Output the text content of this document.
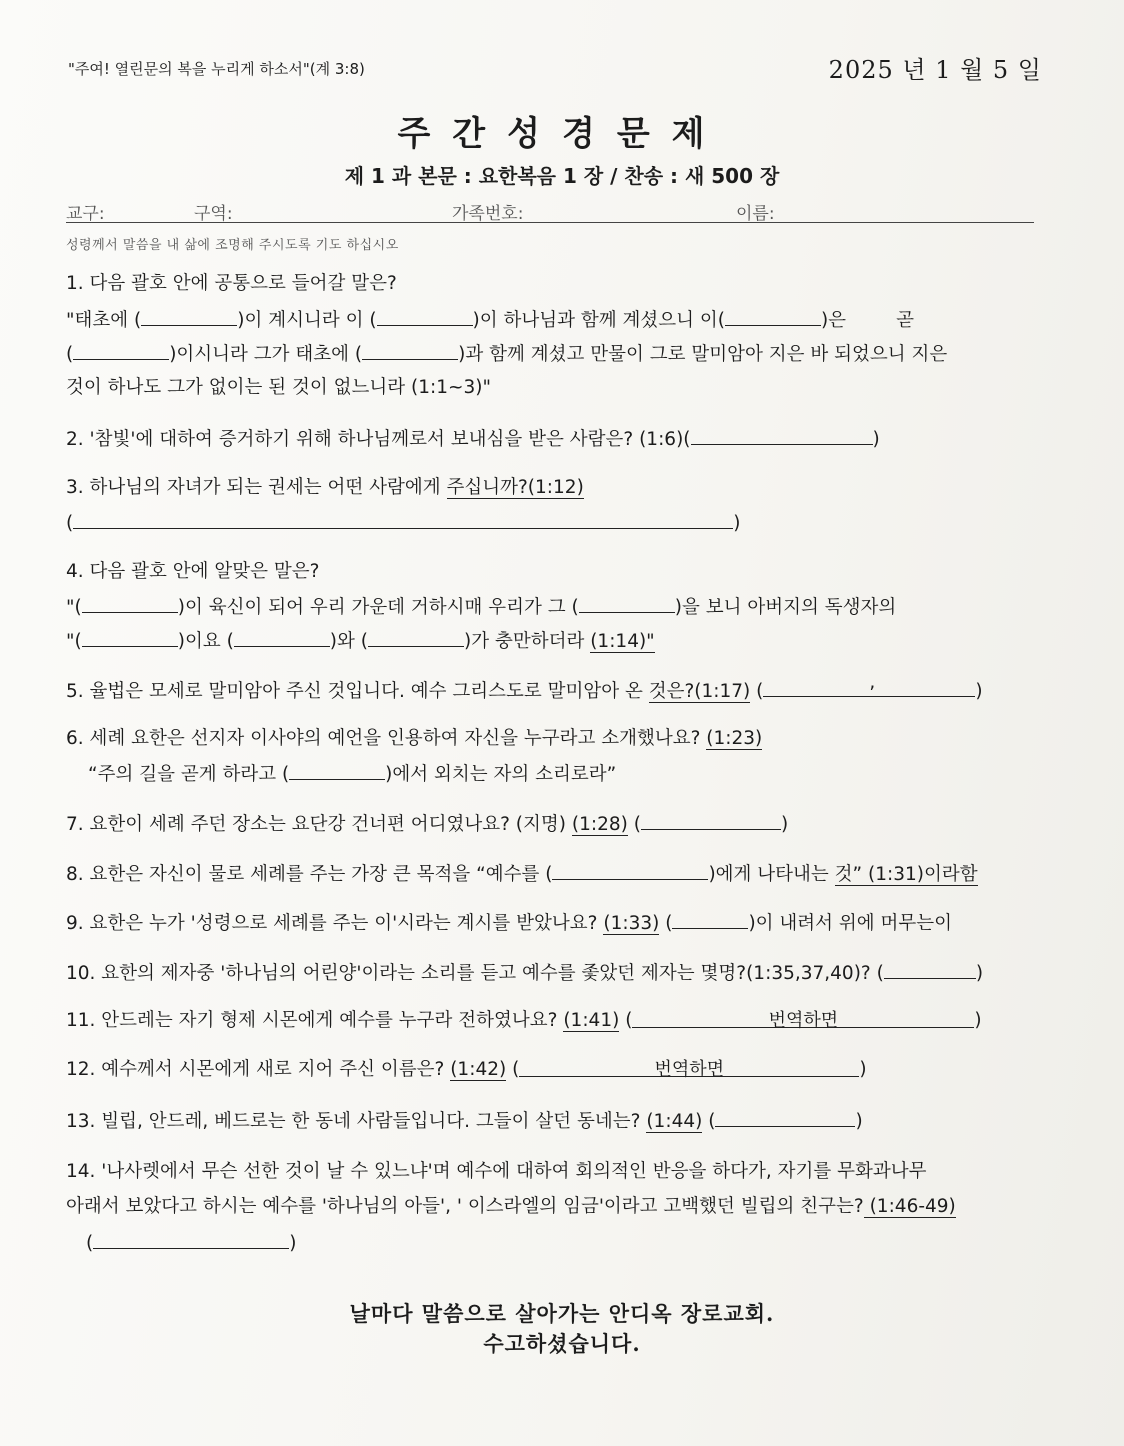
"주여! 열린문의 복을 누리게 하소서"(계 3:8)	2025 년 1 월 5 일
주간성경문제
제 1 과 본문 : 요한복음 1 장 / 찬송 : 새 500 장
교구:	구역:	가족번호:	이름:
성령께서 말씀을 내 삶에 조명해 주시도록 기도 하십시오
1. 다음 괄호 안에 공통으로 들어갈 말은?
"태초에 (	)이 계시니라 이 (	)이 하나님과 함께 계셨으니 이(	)은	곧
(	)이시니라 그가 태초에 (	)과 함께 계셨고 만물이 그로 말미암아 지은 바 되었으니 지은
것이 하나도 그가 없이는 된 것이 없느니라 (1:1~3)"
2. '참빛'에 대하여 증거하기 위해 하나님께로서 보내심을 받은 사람은? (1:6)(	)
3. 하나님의 자녀가 되는 권세는 어떤 사람에게 주십니까?(1:12)
(	)
4. 다음 괄호 안에 알맞은 말은?
"(	)이 육신이 되어 우리 가운데 거하시매 우리가 그 (	)을 보니 아버지의 독생자의
"(	)이요 (	)와 (	)가 충만하더라 (1:14)"
5. 율법은 모세로 말미암아 주신 것입니다. 예수 그리스도로 말미암아 온 것은?(1:17) (	,	)
6. 세례 요한은 선지자 이사야의 예언을 인용하여 자신을 누구라고 소개했나요? (1:23)
“주의 길을 곧게 하라고 (	)에서 외치는 자의 소리로라”
7. 요한이 세례 주던 장소는 요단강 건너편 어디였나요? (지명) (1:28) (	)
8. 요한은 자신이 물로 세례를 주는 가장 큰 목적을 “예수를 (	)에게 나타내는 것” (1:31)이라함
9. 요한은 누가 '성령으로 세례를 주는 이'시라는 계시를 받았나요? (1:33) (	)이 내려서 위에 머무는이
10. 요한의 제자중 '하나님의 어린양'이라는 소리를 듣고 예수를 좇았던 제자는 몇명?(1:35,37,40)? (	)
11. 안드레는 자기 형제 시몬에게 예수를 누구라 전하였나요? (1:41) (	번역하면	)
12. 예수께서 시몬에게 새로 지어 주신 이름은? (1:42) (	번역하면	)
13. 빌립, 안드레, 베드로는 한 동네 사람들입니다. 그들이 살던 동네는? (1:44) (	)
14. '나사렛에서 무슨 선한 것이 날 수 있느냐'며 예수에 대하여 회의적인 반응을 하다가, 자기를 무화과나무
아래서 보았다고 하시는 예수를 '하나님의 아들', ' 이스라엘의 임금'이라고 고백했던 빌립의 친구는? (1:46-49)
(	)
날마다 말씀으로 살아가는 안디옥 장로교회.
수고하셨습니다.
